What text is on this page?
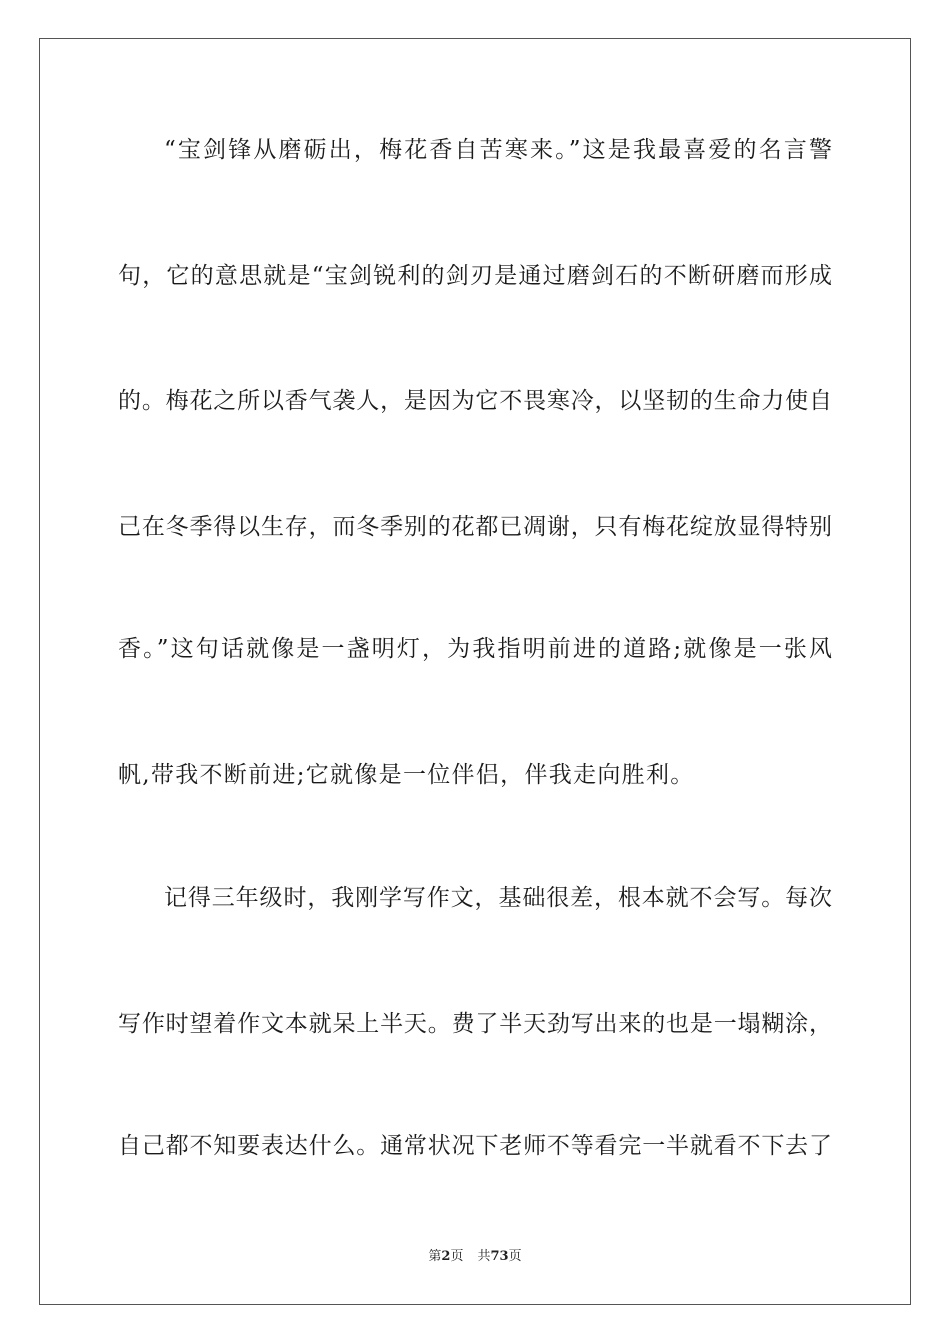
“宝剑锋从磨砺出，梅花香自苦寒来。”这是我最喜爱的名言警
句，它的意思就是“宝剑锐利的剑刃是通过磨剑石的不断研磨而形成
的。梅花之所以香气袭人，是因为它不畏寒冷，以坚韧的生命力使自
己在冬季得以生存，而冬季别的花都已凋谢，只有梅花绽放显得特别
香。”这句话就像是一盏明灯，为我指明前进的道路;就像是一张风
帆,带我不断前进;它就像是一位伴侣，伴我走向胜利。
记得三年级时，我刚学写作文，基础很差，根本就不会写。每次
写作时望着作文本就呆上半天。费了半天劲写出来的也是一塌糊涂，
自己都不知要表达什么。通常状况下老师不等看完一半就看不下去了
第2页 共73页
